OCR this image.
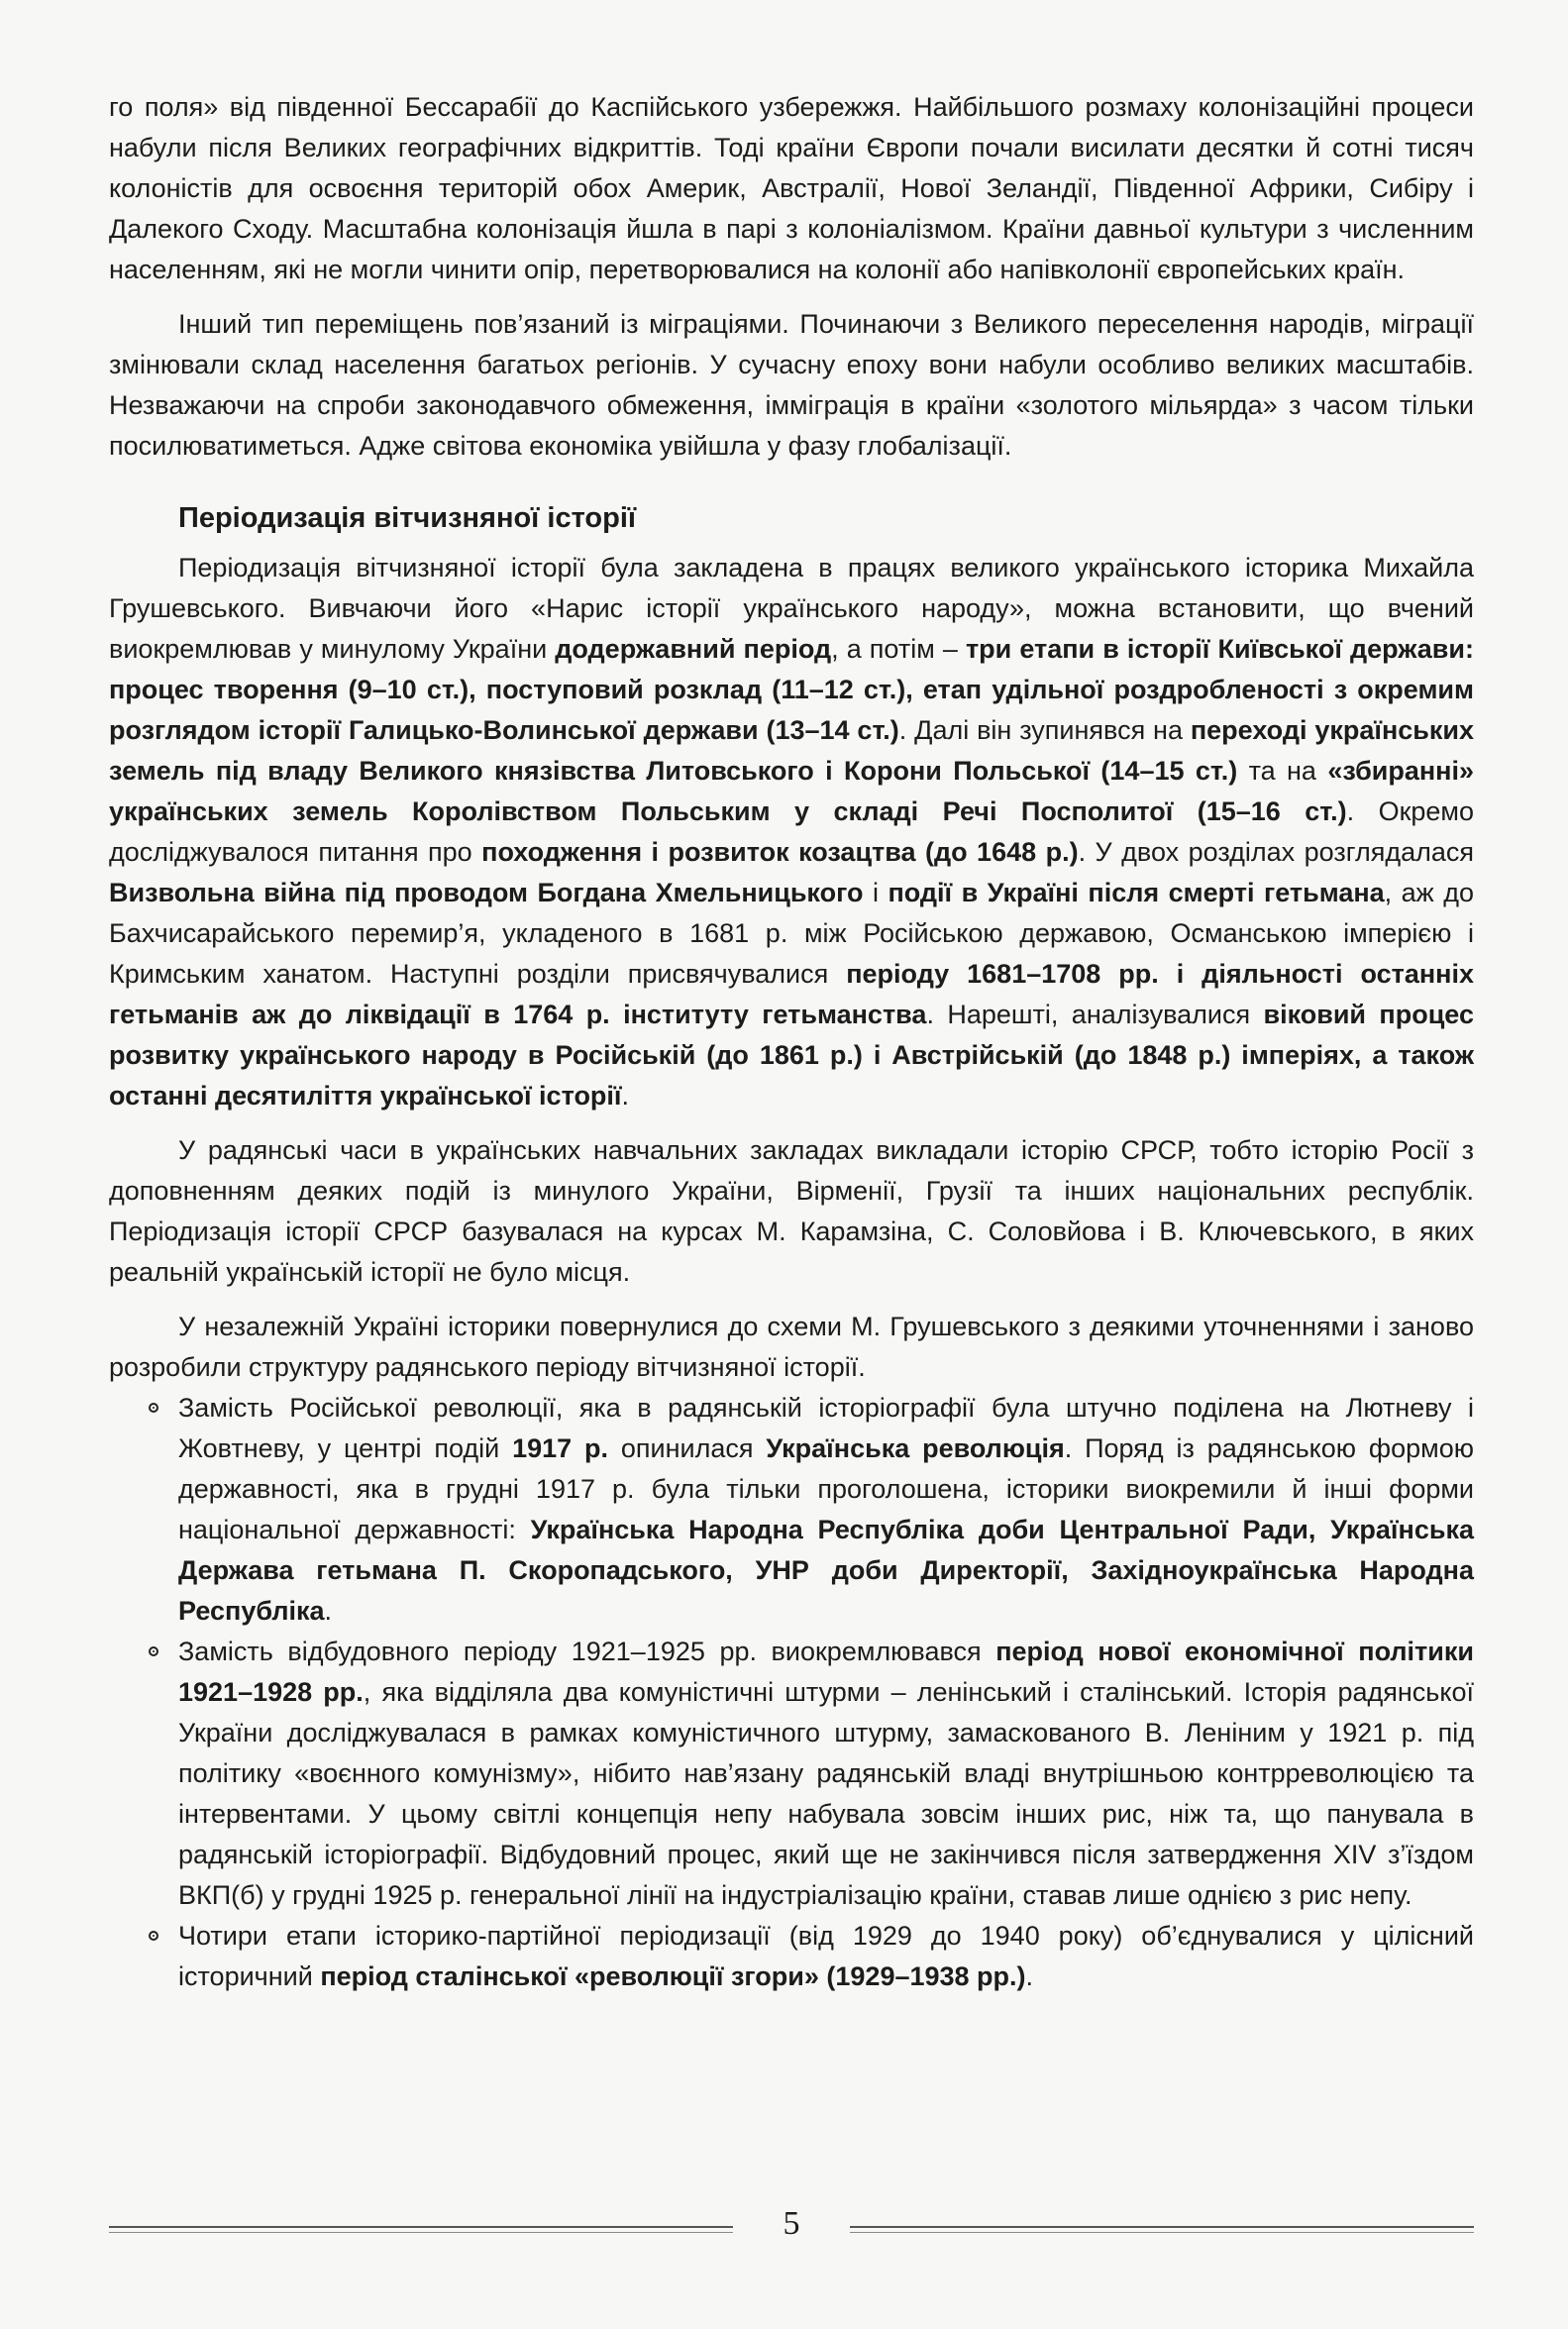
го поля» від південної Бессарабії до Каспійського узбережжя. Найбільшого розмаху колонізаційні процеси набули після Великих географічних відкриттів. Тоді країни Європи почали висилати десятки й сотні тисяч колоністів для освоєння територій обох Америк, Австралії, Нової Зеландії, Південної Африки, Сибіру і Далекого Сходу. Масштабна колонізація йшла в парі з колоніалізмом. Країни давньої культури з численним населенням, які не могли чинити опір, перетворювалися на колонії або напівколонії європейських країн.

Інший тип переміщень пов’язаний із міграціями. Починаючи з Великого переселення народів, міграції змінювали склад населення багатьох регіонів. У сучасну епоху вони набули особливо великих масштабів. Незважаючи на спроби законодавчого обмеження, імміграція в країни «золотого мільярда» з часом тільки посилюватиметься. Адже світова економіка увійшла у фазу глобалізації.

Періодизація вітчизняної історії

Періодизація вітчизняної історії була закладена в працях великого українського історика Михайла Грушевського. Вивчаючи його «Нарис історії українського народу», можна встановити, що вчений виокремлював у минулому України додержавний період, а потім – три етапи в історії Київської держави: процес творення (9–10 ст.), поступовий розклад (11–12 ст.), етап удільної роздробленості з окремим розглядом історії Галицько-Волинської держави (13–14 ст.). Далі він зупинявся на переході українських земель під владу Великого князівства Литовського і Корони Польської (14–15 ст.) та на «збиранні» українських земель Королівством Польським у складі Речі Посполитої (15–16 ст.). Окремо досліджувалося питання про походження і розвиток козацтва (до 1648 р.). У двох розділах розглядалася Визвольна війна під проводом Богдана Хмельницького і події в Україні після смерті гетьмана, аж до Бахчисарайського перемир’я, укладеного в 1681 р. між Російською державою, Османською імперією і Кримським ханатом. Наступні розділи присвячувалися періоду 1681–1708 рр. і діяльності останніх гетьманів аж до ліквідації в 1764 р. інституту гетьманства. Нарешті, аналізувалися віковий процес розвитку українського народу в Російській (до 1861 р.) і Австрійській (до 1848 р.) імперіях, а також останні десятиліття української історії.

У радянські часи в українських навчальних закладах викладали історію СРСР, тобто історію Росії з доповненням деяких подій із минулого України, Вірменії, Грузії та інших національних республік. Періодизація історії СРСР базувалася на курсах М. Карамзіна, С. Соловйова і В. Ключевського, в яких реальній українській історії не було місця.

У незалежній Україні історики повернулися до схеми М. Грушевського з деякими уточненнями і заново розробили структуру радянського періоду вітчизняної історії.

Замість Російської революції, яка в радянській історіографії була штучно поділена на Лютневу і Жовтневу, у центрі подій 1917 р. опинилася Українська революція. Поряд із радянською формою державності, яка в грудні 1917 р. була тільки проголошена, історики виокремили й інші форми національної державності: Українська Народна Республіка доби Центральної Ради, Українська Держава гетьмана П. Скоропадського, УНР доби Директорії, Західноукраїнська Народна Республіка.
Замість відбудовного періоду 1921–1925 рр. виокремлювався період нової економічної політики 1921–1928 рр., яка відділяла два комуністичні штурми – ленінський і сталінський. Історія радянської України досліджувалася в рамках комуністичного штурму, замаскованого В. Леніним у 1921 р. під політику «воєнного комунізму», нібито нав’язану радянській владі внутрішньою контрреволюцією та інтервентами. У цьому світлі концепція непу набувала зовсім інших рис, ніж та, що панувала в радянській історіографії. Відбудовний процес, який ще не закінчився після затвердження XIV з’їздом ВКП(б) у грудні 1925 р. генеральної лінії на індустріалізацію країни, ставав лише однією з рис непу.
Чотири етапи історико-партійної періодизації (від 1929 до 1940 року) об’єднувалися у цілісний історичний період сталінської «революції згори» (1929–1938 рр.).
5
